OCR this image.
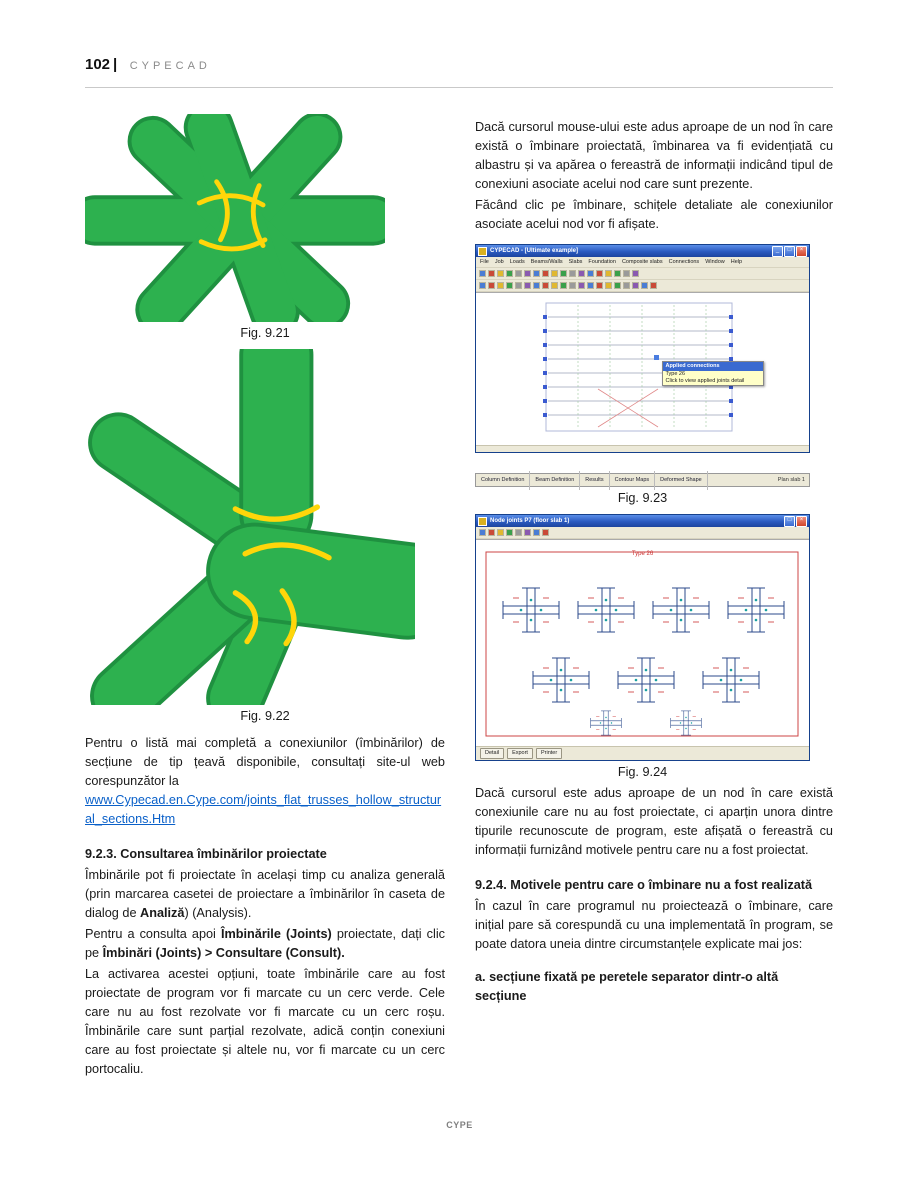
102 | CYPECAD
Fig. 9.21
Fig. 9.22

Pentru o listă mai completă a conexiunilor (îmbinărilor) de secțiune de tip țeavă disponibile, consultați site-ul web corespunzător la

www.Cypecad.en.Cype.com/joints_flat_trusses_hollow_structural_sections.Htm
9.2.3. Consultarea îmbinărilor proiectate

Îmbinările pot fi proiectate în același timp cu analiza generală (prin marcarea casetei de proiectare a îmbinărilor în caseta de dialog de Analiză) (Analysis).

Pentru a consulta apoi Îmbinările (Joints) proiectate, dați clic pe Îmbinări (Joints) > Consultare (Consult).

La activarea acestei opțiuni, toate îmbinările care au fost proiectate de program vor fi marcate cu un cerc verde. Cele care nu au fost rezolvate vor fi marcate cu un cerc roșu. Îmbinările care sunt parțial rezolvate, adică conțin conexiuni care au fost proiectate și altele nu, vor fi marcate cu un cerc portocaliu.

Dacă cursorul mouse-ului este adus aproape de un nod în care există o îmbinare proiectată, îmbinarea va fi evidențiată cu albastru și va apărea o fereastră de informații indicând tipul de conexiuni asociate acelui nod care sunt prezente.

Făcând clic pe îmbinare, schițele detaliate ale conexiunilor asociate acelui nod vor fi afișate.

CYPECAD - [Ultimate example]	_	□	×
File Job Loads Beams/Walls Slabs Foundation Composite slabs Connections Window Help
Applied connections
Type 26
Click to view applied joints detail
Column Definition	Beam Definition	Results	Contour Maps	Deformed Shape	Plan slab 1
Fig. 9.23
Node joints P7 (floor slab 1)	□	×
Type 26
Detail	Export	Printer
Fig. 9.24

Dacă cursorul este adus aproape de un nod în care există conexiunile care nu au fost proiectate, ci aparțin unora dintre tipurile recunoscute de program, este afișată o fereastră cu informații furnizând motivele pentru care nu a fost proiectat.

9.2.4. Motivele pentru care o îmbinare nu a fost realizată

În cazul în care programul nu proiectează o îmbinare, care inițial pare să corespundă cu una implementată în program, se poate datora uneia dintre circumstanțele explicate mai jos:

a. secțiune fixată pe peretele separator dintr-o altă secțiune

CYPE
